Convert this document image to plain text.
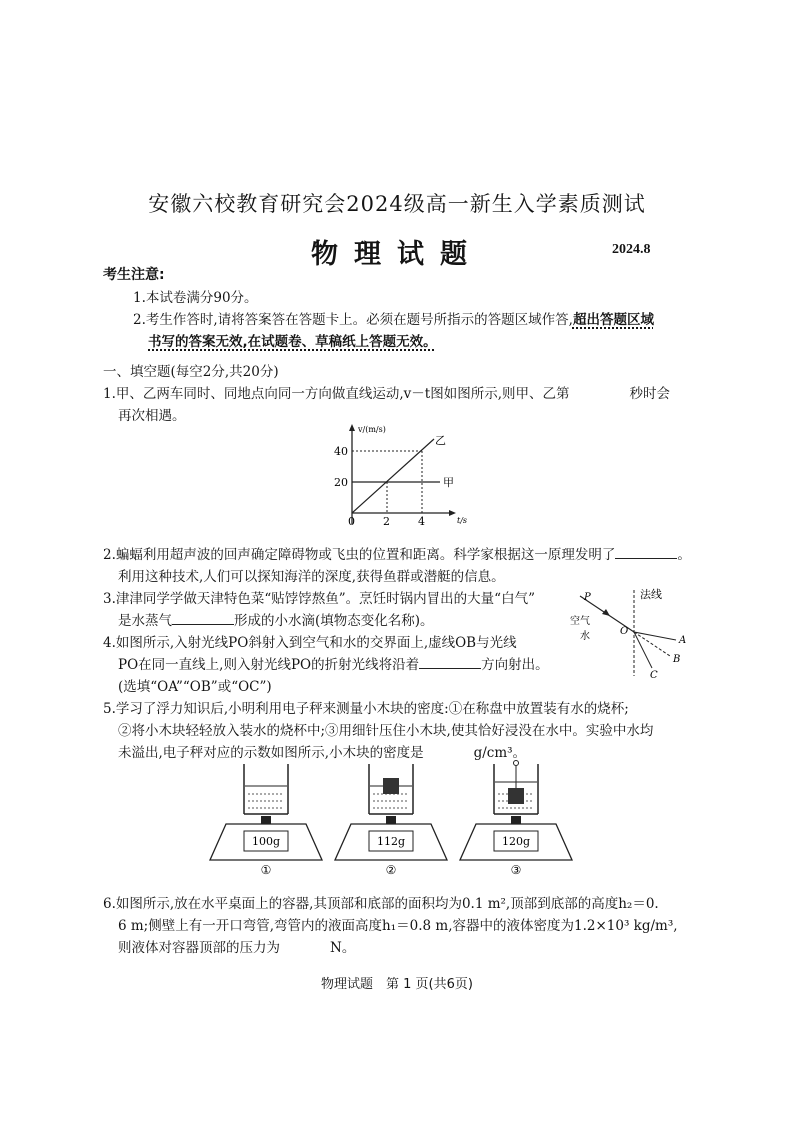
安徽六校教育研究会2024级高一新生入学素质测试
物理试题	2024.8
考生注意:
1.本试卷满分90分。
2.考生作答时,请将答案答在答题卡上。必须在题号所指示的答题区域作答,超出答题区域
书写的答案无效,在试题卷、草稿纸上答题无效。
一、填空题(每空2分,共20分)
1.甲、乙两车同时、同地点向同一方向做直线运动,v－t图如图所示,则甲、乙第	秒时会
再次相遇。
v/(m/s)
t/s
40
20
0	2	4
甲
乙
2.蝙蝠利用超声波的回声确定障碍物或飞虫的位置和距离。科学家根据这一原理发明了	。
利用这种技术,人们可以探知海洋的深度,获得鱼群或潜艇的信息。
3.津津同学学做天津特色菜“贴饽饽熬鱼”。烹饪时锅内冒出的大量“白气”
是水蒸气	形成的小水滴(填物态变化名称)。
4.如图所示,入射光线PO斜射入到空气和水的交界面上,虚线OB与光线
PO在同一直线上,则入射光线PO的折射光线将沿着	方向射出。
(选填“OA”“OB”或“OC”)
法线
空气
水
P
O
A
B
C
5.学习了浮力知识后,小明利用电子秤来测量小木块的密度:①在称盘中放置装有水的烧杯;
②将小木块轻轻放入装水的烧杯中;③用细针压住小木块,使其恰好浸没在水中。实验中水均
未溢出,电子秤对应的示数如图所示,小木块的密度是	g/cm³。
100g
①
112g
②
120g
③
6.如图所示,放在水平桌面上的容器,其顶部和底部的面积均为0.1 m²,顶部到底部的高度h₂＝0.
6 m;侧壁上有一开口弯管,弯管内的液面高度h₁＝0.8 m,容器中的液体密度为1.2×10³ kg/m³,
则液体对容器顶部的压力为	N。
物理试题　第 1 页(共6页)
